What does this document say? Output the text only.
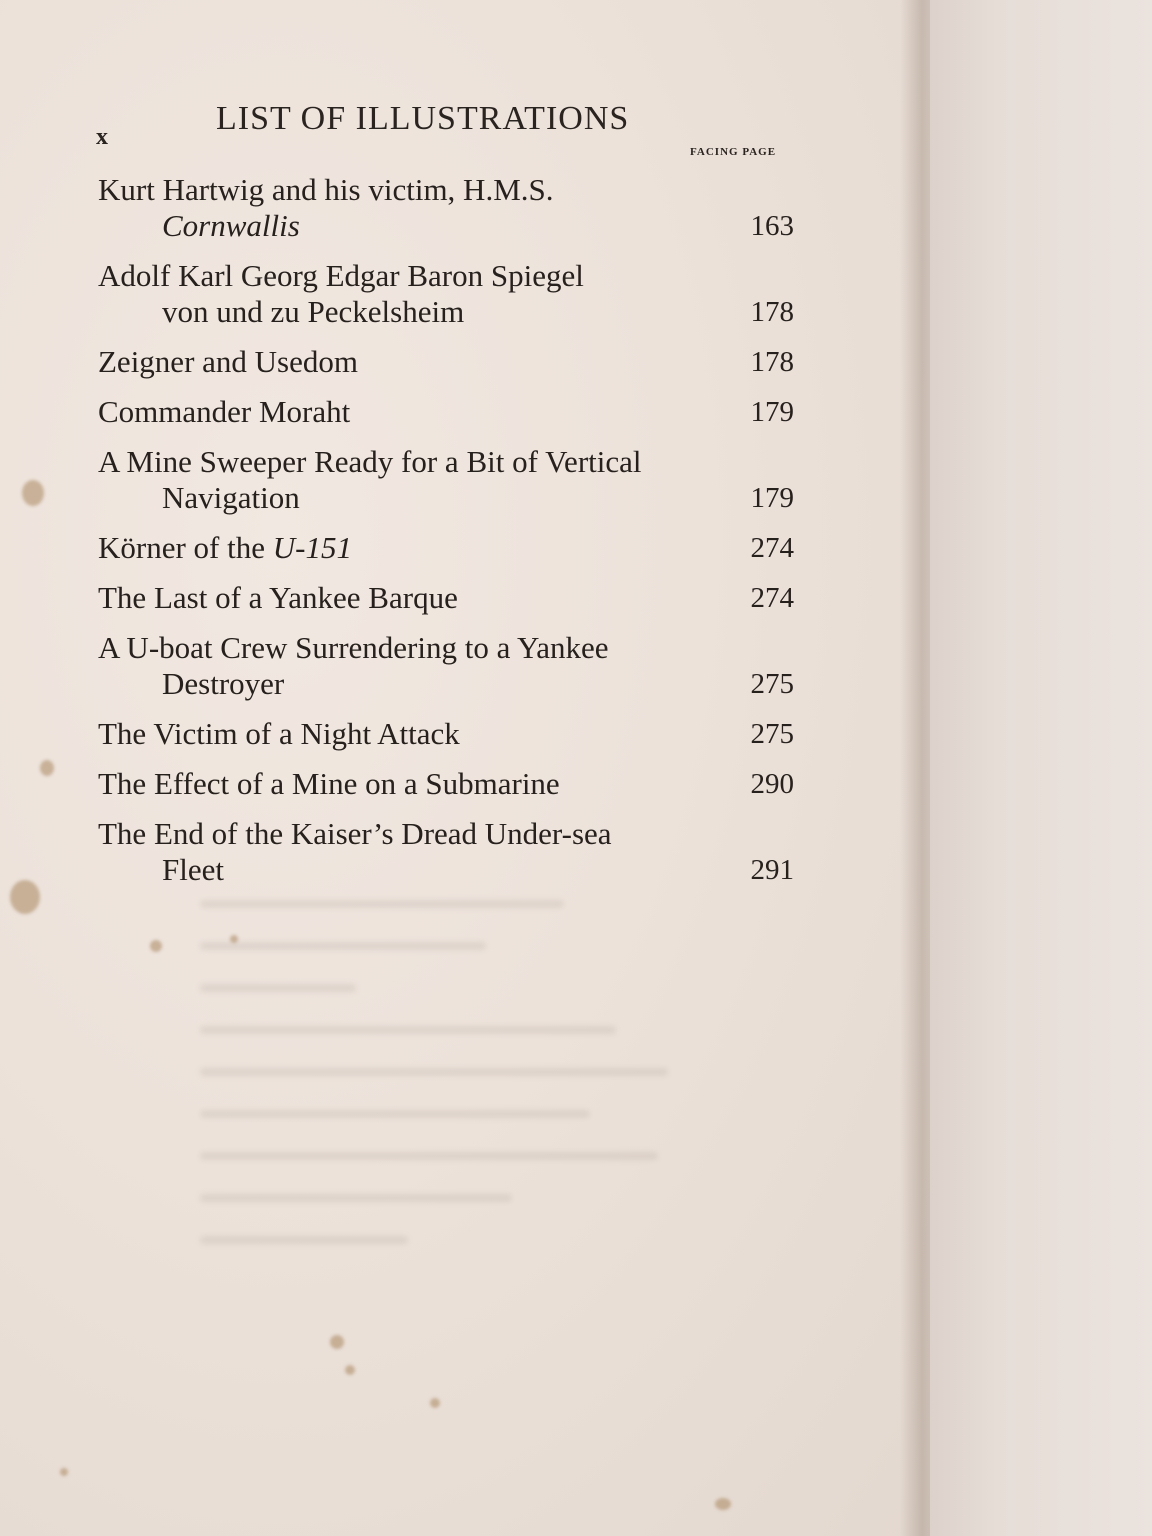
x	LIST OF ILLUSTRATIONS
FACING PAGE
Kurt Hartwig and his victim, H.M.S.
Cornwallis	163
Adolf Karl Georg Edgar Baron Spiegel
von und zu Peckelsheim	178
Zeigner and Usedom	178
Commander Moraht	179
A Mine Sweeper Ready for a Bit of Vertical
Navigation	179
Körner of the U-151	274
The Last of a Yankee Barque	274
A U-boat Crew Surrendering to a Yankee
Destroyer	275
The Victim of a Night Attack	275
The Effect of a Mine on a Submarine	290
The End of the Kaiser’s Dread Under-sea
Fleet	291
